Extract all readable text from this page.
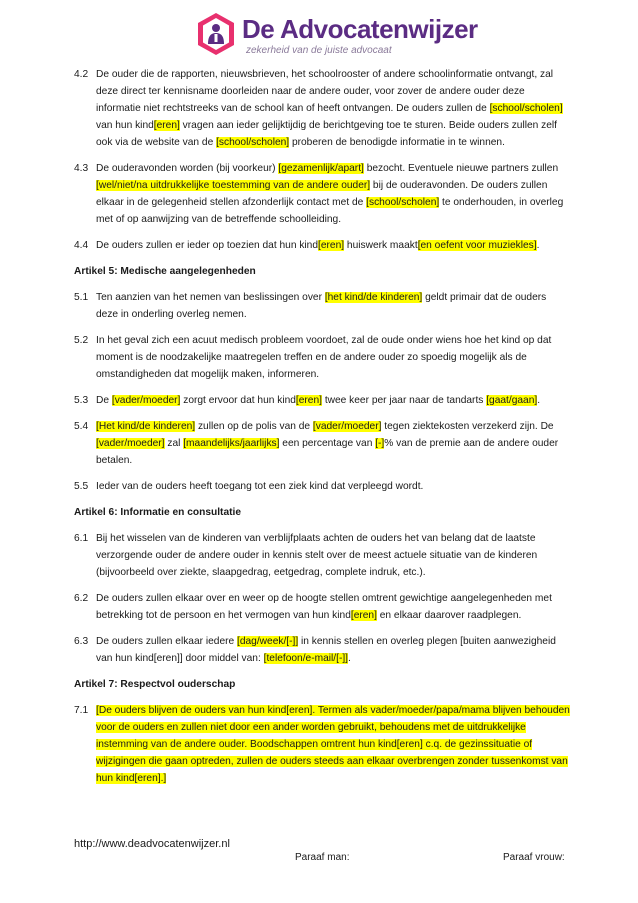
De Advocatenwijzer
zekerheid van de juiste advocaat
4.2 De ouder die de rapporten, nieuwsbrieven, het schoolrooster of andere schoolinformatie ontvangt, zal deze direct ter kennisname doorleiden naar de andere ouder, voor zover de andere ouder deze informatie niet rechtstreeks van de school kan of heeft ontvangen. De ouders zullen de [school/scholen] van hun kind[eren] vragen aan ieder gelijktijdig de berichtgeving toe te sturen. Beide ouders zullen zelf ook via de website van de [school/scholen] proberen de benodigde informatie in te winnen.
4.3 De ouderavonden worden (bij voorkeur) [gezamenlijk/apart] bezocht. Eventuele nieuwe partners zullen [wel/niet/na uitdrukkelijke toestemming van de andere ouder] bij de ouderavonden. De ouders zullen elkaar in de gelegenheid stellen afzonderlijk contact met de [school/scholen] te onderhouden, in overleg met of op aanwijzing van de betreffende schoolleiding.
4.4 De ouders zullen er ieder op toezien dat hun kind[eren] huiswerk maakt[en oefent voor muziekles].
Artikel 5: Medische aangelegenheden
5.1 Ten aanzien van het nemen van beslissingen over [het kind/de kinderen] geldt primair dat de ouders deze in onderling overleg nemen.
5.2 In het geval zich een acuut medisch probleem voordoet, zal de oude onder wiens hoe het kind op dat moment is de noodzakelijke maatregelen treffen en de andere ouder zo spoedig mogelijk als de omstandigheden dat mogelijk maken, informeren.
5.3 De [vader/moeder] zorgt ervoor dat hun kind[eren] twee keer per jaar naar de tandarts [gaat/gaan].
5.4 [Het kind/de kinderen] zullen op de polis van de [vader/moeder] tegen ziektekosten verzekerd zijn. De [vader/moeder] zal [maandelijks/jaarlijks] een percentage van [-]% van de premie aan de andere ouder betalen.
5.5 Ieder van de ouders heeft toegang tot een ziek kind dat verpleegd wordt.
Artikel 6: Informatie en consultatie
6.1 Bij het wisselen van de kinderen van verblijfplaats achten de ouders het van belang dat de laatste verzorgende ouder de andere ouder in kennis stelt over de meest actuele situatie van de kinderen (bijvoorbeeld over ziekte, slaapgedrag, eetgedrag, complete indruk, etc.).
6.2 De ouders zullen elkaar over en weer op de hoogte stellen omtrent gewichtige aangelegenheden met betrekking tot de persoon en het vermogen van hun kind[eren] en elkaar daarover raadplegen.
6.3 De ouders zullen elkaar iedere [dag/week/[-]] in kennis stellen en overleg plegen [buiten aanwezigheid van hun kind[eren]] door middel van: [telefoon/e-mail/[-]].
Artikel 7: Respectvol ouderschap
7.1 [De ouders blijven de ouders van hun kind[eren]. Termen als vader/moeder/papa/mama blijven behouden voor de ouders en zullen niet door een ander worden gebruikt, behoudens met de uitdrukkelijke instemming van de andere ouder. Boodschappen omtrent hun kind[eren] c.q. de gezinssituatie of wijzigingen die gaan optreden, zullen de ouders steeds aan elkaar overbrengen zonder tussenkomst van hun kind[eren].]
http://www.deadvocatenwijzer.nl
Paraaf man:	Paraaf vrouw:
